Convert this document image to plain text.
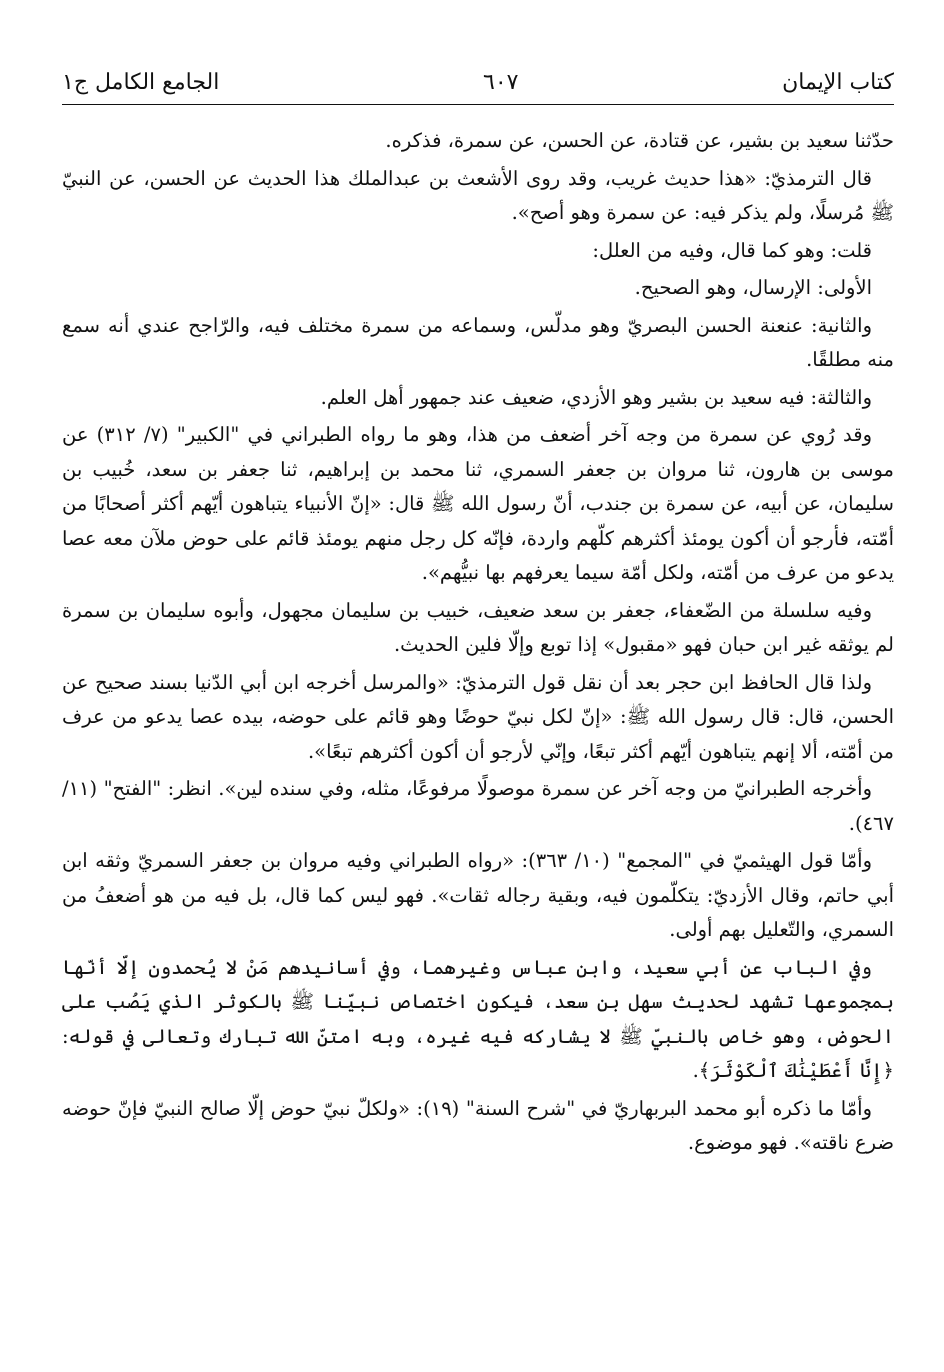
الجامع الكامل ج١	٦٠٧	كتاب الإيمان

حدّثنا سعيد بن بشير، عن قتادة، عن الحسن، عن سمرة، فذكره.

قال الترمذيّ: «هذا حديث غريب، وقد روى الأشعث بن عبدالملك هذا الحديث عن الحسن، عن النبيّ ﷺ مُرسلًا، ولم يذكر فيه: عن سمرة وهو أصح».

قلت: وهو كما قال، وفيه من العلل:

الأولى: الإرسال، وهو الصحيح.

والثانية: عنعنة الحسن البصريّ وهو مدلّس، وسماعه من سمرة مختلف فيه، والرّاجح عندي أنه سمع منه مطلقًا.

والثالثة: فيه سعيد بن بشير وهو الأزدي، ضعيف عند جمهور أهل العلم.

وقد رُوي عن سمرة من وجه آخر أضعف من هذا، وهو ما رواه الطبراني في "الكبير" (٧/ ٣١٢) عن موسى بن هارون، ثنا مروان بن جعفر السمري، ثنا محمد بن إبراهيم، ثنا جعفر بن سعد، خُبيب بن سليمان، عن أبيه، عن سمرة بن جندب، أنّ رسول الله ﷺ قال: «إنّ الأنبياء يتباهون أيّهم أكثر أصحابًا من أمّته، فأرجو أن أكون يومئذ أكثرهم كلّهم واردة، فإنّه كل رجل منهم يومئذ قائم على حوض ملآن معه عصا يدعو من عرف من أمّته، ولكل أمّة سيما يعرفهم بها نبيُّهم».

وفيه سلسلة من الضّعفاء، جعفر بن سعد ضعيف، خبيب بن سليمان مجهول، وأبوه سليمان بن سمرة لم يوثقه غير ابن حبان فهو «مقبول» إذا توبع وإلّا فلين الحديث.

ولذا قال الحافظ ابن حجر بعد أن نقل قول الترمذيّ: «والمرسل أخرجه ابن أبي الدّنيا بسند صحيح عن الحسن، قال: قال رسول الله ﷺ: «إنّ لكل نبيّ حوضًا وهو قائم على حوضه، بيده عصا يدعو من عرف من أمّته، ألا إنهم يتباهون أيّهم أكثر تبعًا، وإنّي لأرجو أن أكون أكثرهم تبعًا».

وأخرجه الطبرانيّ من وجه آخر عن سمرة موصولًا مرفوعًا، مثله، وفي سنده لين». انظر: "الفتح" (١١/ ٤٦٧).

وأمّا قول الهيثميّ في "المجمع" (١٠/ ٣٦٣): «رواه الطبراني وفيه مروان بن جعفر السمريّ وثقه ابن أبي حاتم، وقال الأزديّ: يتكلّمون فيه، وبقية رجاله ثقات». فهو ليس كما قال، بل فيه من هو أضعفُ من السمري، والتّعليل بهم أولى.

وفي الباب عن أبي سعيد، وابن عباس وغيرهما، وفي أسانيدهم مَنْ لا يُحمدون إلّا أنّها بمجموعها تشهد لحديث سهل بن سعد، فيكون اختصاص نبيّنا ﷺ بالكوثر الذي يَصُب على الحوض، وهو خاص بالنبيّ ﷺ لا يشاركه فيه غيره، وبه امتنّ الله تبارك وتعالى في قوله: ﴿إِنَّا أَعْطَيْنَٰكَ ٱلْكَوْثَرَ﴾.

وأمّا ما ذكره أبو محمد البربهاريّ في "شرح السنة" (١٩): «ولكلّ نبيّ حوض إلّا صالح النبيّ فإنّ حوضه ضرع ناقته». فهو موضوع.
